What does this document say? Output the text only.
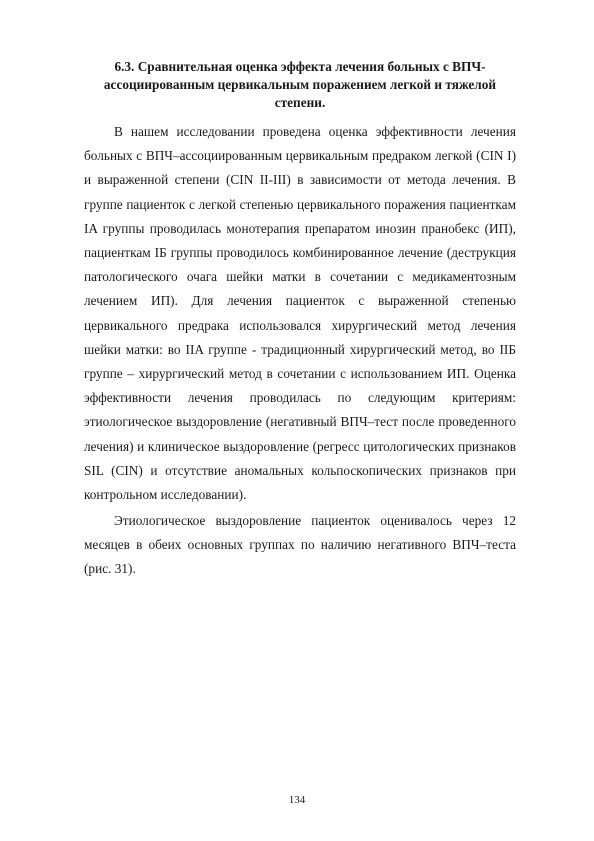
6.3. Сравнительная оценка эффекта лечения больных с ВПЧ-
ассоциированным цервикальным поражением легкой и тяжелой
степени.

В нашем исследовании проведена оценка эффективности лечения больных с ВПЧ–ассоциированным цервикальным предраком легкой (CIN I) и выраженной степени (CIN II-III) в зависимости от метода лечения. В группе пациенток с легкой степенью цервикального поражения пациенткам IA группы проводилась монотерапия препаратом инозин пранобекс (ИП), пациенткам IБ группы проводилось комбинированное лечение (деструкция патологического очага шейки матки в сочетании с медикаментозным лечением ИП). Для лечения пациенток с выраженной степенью цервикального предрака использовался хирургический метод лечения шейки матки: во IIA группе - традиционный хирургический метод, во IIБ группе – хирургический метод в сочетании с использованием ИП. Оценка эффективности лечения проводилась по следующим критериям: этиологическое выздоровление (негативный ВПЧ–тест после проведенного лечения) и клиническое выздоровление (регресс цитологических признаков SIL (CIN) и отсутствие аномальных кольпоскопических признаков при контрольном исследовании).

Этиологическое выздоровление пациенток оценивалось через 12 месяцев в обеих основных группах по наличию негативного ВПЧ–теста (рис. 31).

134
